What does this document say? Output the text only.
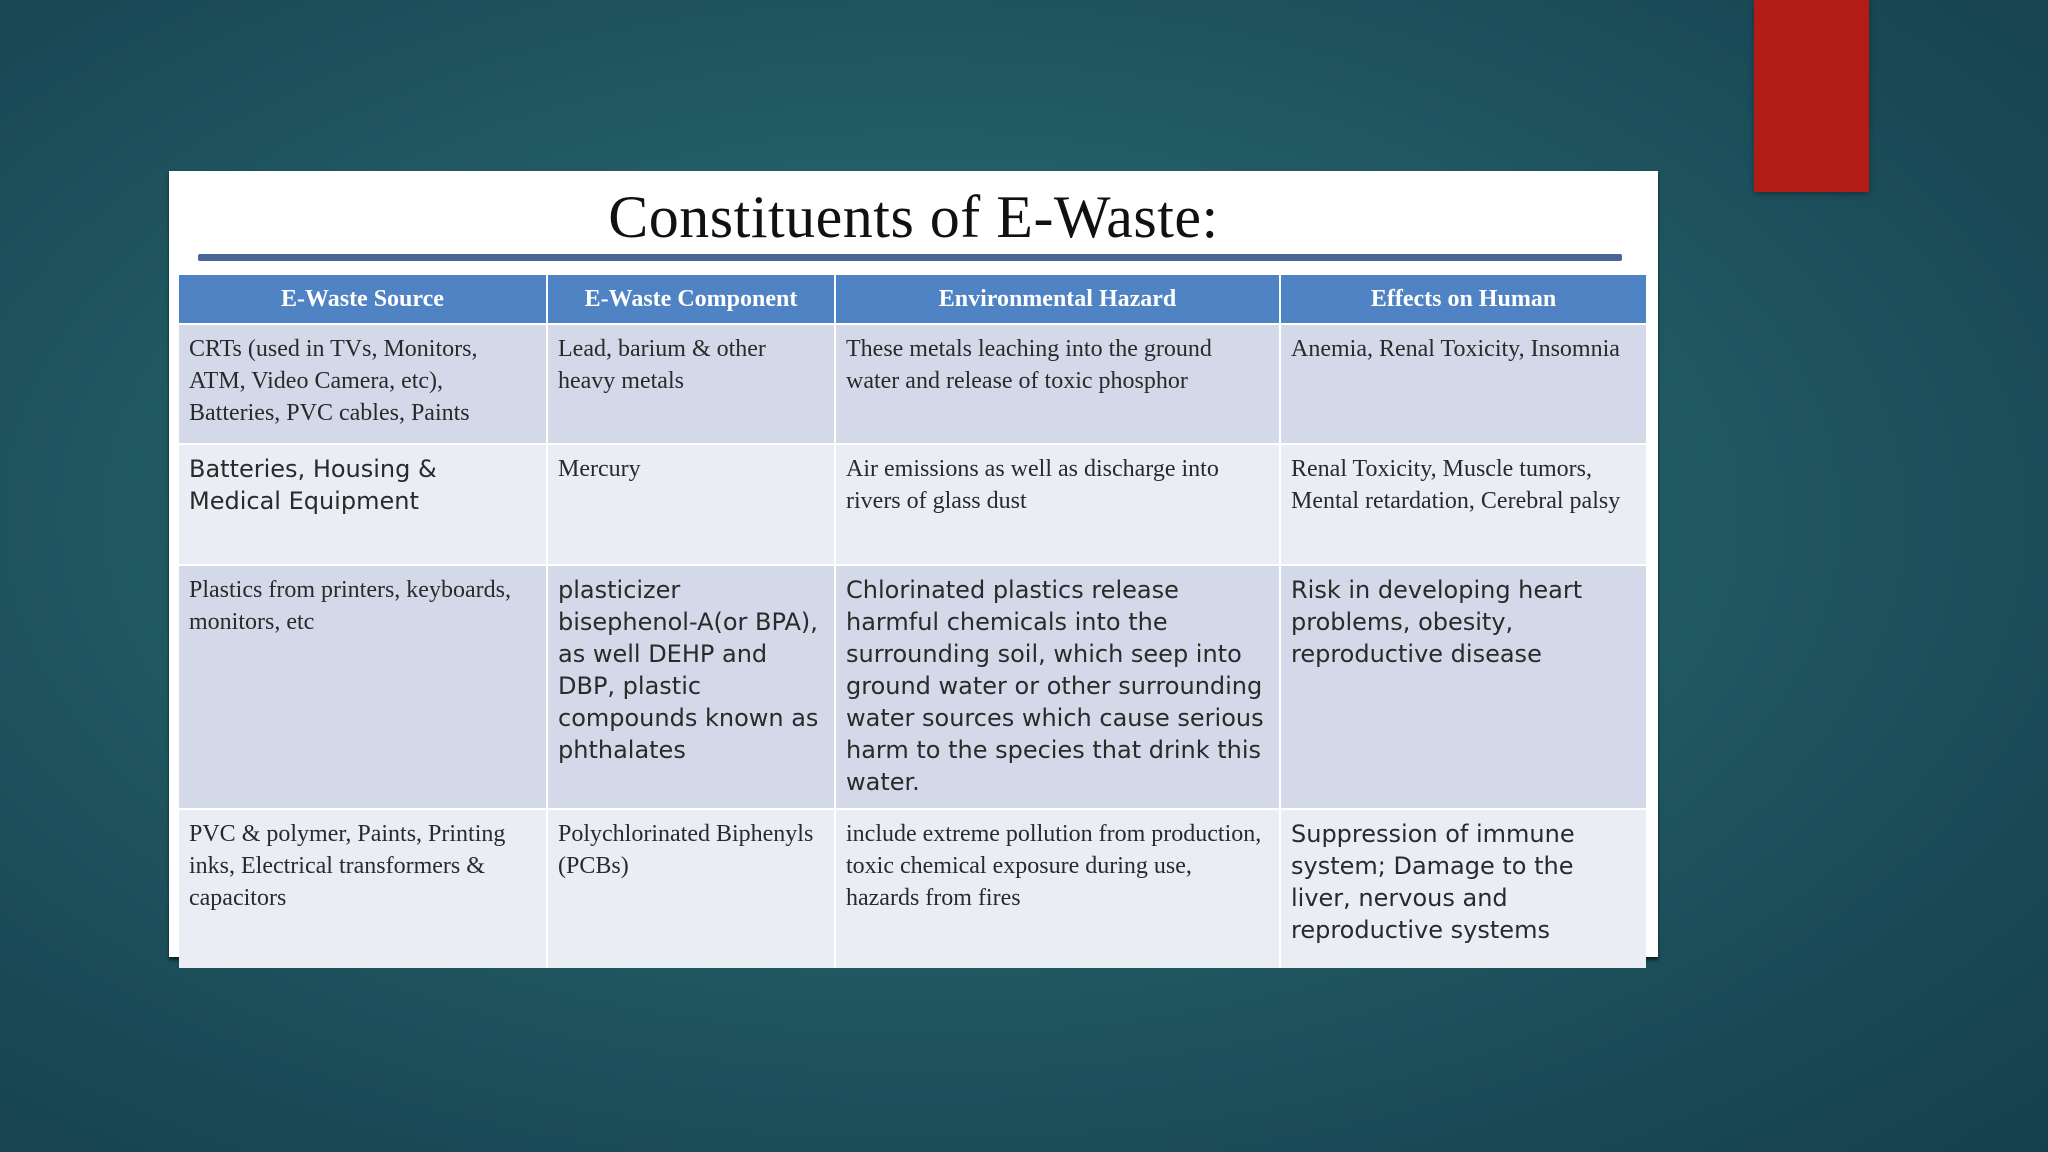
Constituents of E-Waste:
E-Waste Source	E-Waste Component	Environmental Hazard	Effects on Human
CRTs (used in TVs, Monitors, ATM, Video Camera, etc), Batteries, PVC cables, Paints	Lead, barium & other heavy metals	These metals leaching into the ground water and release of toxic phosphor	Anemia, Renal Toxicity, Insomnia
Batteries, Housing & Medical Equipment	Mercury	Air emissions as well as discharge into rivers of glass dust	Renal Toxicity, Muscle tumors, Mental retardation, Cerebral palsy
Plastics from printers, keyboards, monitors, etc	plasticizer bisephenol-A(or BPA), as well DEHP and DBP, plastic compounds known as phthalates	Chlorinated plastics release harmful chemicals into the surrounding soil, which seep into ground water or other surrounding water sources which cause serious harm to the species that drink this water.	Risk in developing heart problems, obesity, reproductive disease
PVC & polymer, Paints, Printing inks, Electrical transformers & capacitors	Polychlorinated Biphenyls (PCBs)	include extreme pollution from production, toxic chemical exposure during use, hazards from fires	Suppression of immune system; Damage to the liver, nervous and reproductive systems
